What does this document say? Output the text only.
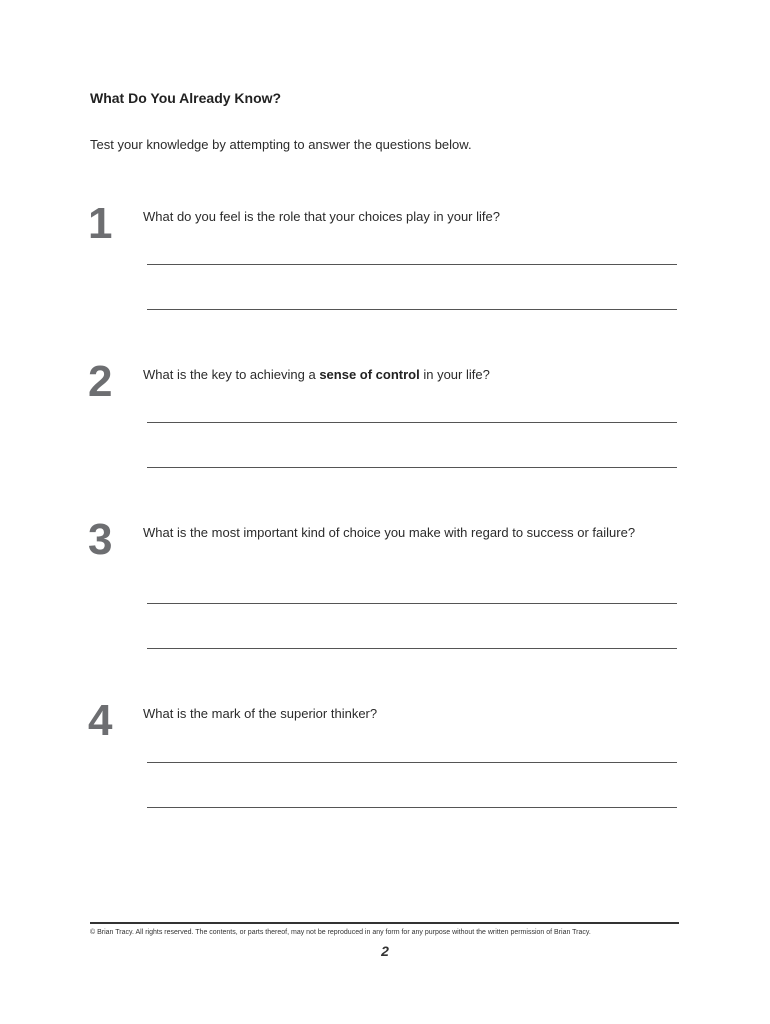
What Do You Already Know?

Test your knowledge by attempting to answer the questions below.

1 What do you feel is the role that your choices play in your life?

2 What is the key to achieving a sense of control in your life?

3 What is the most important kind of choice you make with regard to success or failure?

4 What is the mark of the superior thinker?

© Brian Tracy. All rights reserved. The contents, or parts thereof, may not be reproduced in any form for any purpose without the written permission of Brian Tracy.

2
